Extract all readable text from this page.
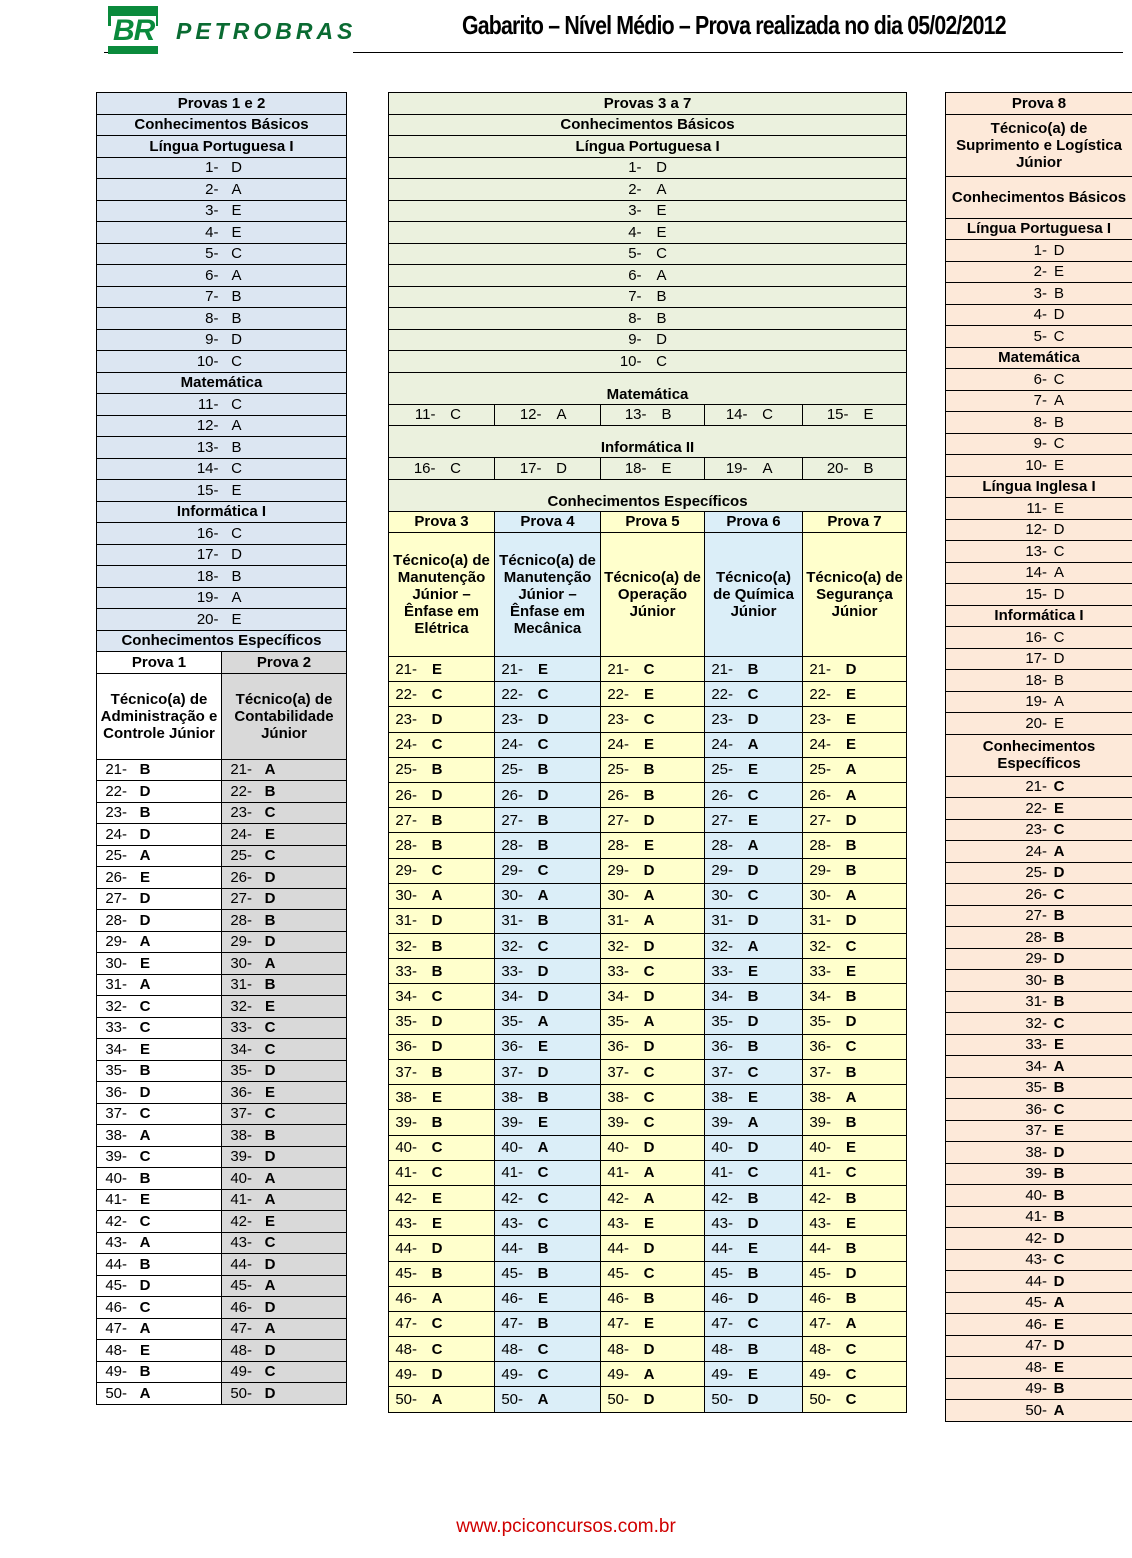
BR PETROBRAS	Gabarito – Nível Médio – Prova realizada no dia 05/02/2012
Provas 1 e 2	
Conhecimentos Básicos	
Língua Portuguesa I	
1- D	
2- A	
3- E	
4- E	
5- C	
6- A	
7- B	
8- B	
9- D	
10- C	
Matemática	
11- C	
12- A	
13- B	
14- C	
15- E	
Informática I	
16- C	
17- D	
18- B	
19- A	
20- E	
Conhecimentos Específicos	
Prova 1	Prova 2
Técnico(a) de Administração e Controle Júnior	Técnico(a) de Contabilidade Júnior
21- B	21- A
22- D	22- B
23- B	23- C
24- D	24- E
25- A	25- C
26- E	26- D
27- D	27- D
28- D	28- B
29- A	29- D
30- E	30- A
31- A	31- B
32- C	32- E
33- C	33- C
34- E	34- C
35- B	35- D
36- D	36- E
37- C	37- C
38- A	38- B
39- C	39- D
40- B	40- A
41- E	41- A
42- C	42- E
43- A	43- C
44- B	44- D
45- D	45- A
46- C	46- D
47- A	47- A
48- E	48- D
49- B	49- C
50- A	50- D
Provas 3 a 7				
Conhecimentos Básicos				
Língua Portuguesa I				
1- D				
2- A				
3- E				
4- E				
5- C				
6- A				
7- B				
8- B				
9- D				
10- C				
Matemática				
11- C	12- A	13- B	14- C	15- E
Informática II				
16- C	17- D	18- E	19- A	20- B
Conhecimentos Específicos				
Prova 3	Prova 4	Prova 5	Prova 6	Prova 7
Técnico(a) de Manutenção Júnior – Ênfase em Elétrica	Técnico(a) de Manutenção Júnior – Ênfase em Mecânica	Técnico(a) de Operação Júnior	Técnico(a) de Química Júnior	Técnico(a) de Segurança Júnior
21- E	21- E	21- C	21- B	21- D
22- C	22- C	22- E	22- C	22- E
23- D	23- D	23- C	23- D	23- E
24- C	24- C	24- E	24- A	24- E
25- B	25- B	25- B	25- E	25- A
26- D	26- D	26- B	26- C	26- A
27- B	27- B	27- D	27- E	27- D
28- B	28- B	28- E	28- A	28- B
29- C	29- C	29- D	29- D	29- B
30- A	30- A	30- A	30- C	30- A
31- D	31- B	31- A	31- D	31- D
32- B	32- C	32- D	32- A	32- C
33- B	33- D	33- C	33- E	33- E
34- C	34- D	34- D	34- B	34- B
35- D	35- A	35- A	35- D	35- D
36- D	36- E	36- D	36- B	36- C
37- B	37- D	37- C	37- C	37- B
38- E	38- B	38- C	38- E	38- A
39- B	39- E	39- C	39- A	39- B
40- C	40- A	40- D	40- D	40- E
41- C	41- C	41- A	41- C	41- C
42- E	42- C	42- A	42- B	42- B
43- E	43- C	43- E	43- D	43- E
44- D	44- B	44- D	44- E	44- B
45- B	45- B	45- C	45- B	45- D
46- A	46- E	46- B	46- D	46- B
47- C	47- B	47- E	47- C	47- A
48- C	48- C	48- D	48- B	48- C
49- D	49- C	49- A	49- E	49- C
50- A	50- A	50- D	50- D	50- C
Prova 8
Técnico(a) de Suprimento e Logística Júnior
Conhecimentos Básicos
Língua Portuguesa I
1- D
2- E
3- B
4- D
5- C
Matemática
6- C
7- A
8- B
9- C
10- E
Língua Inglesa I
11- E
12- D
13- C
14- A
15- D
Informática I
16- C
17- D
18- B
19- A
20- E
Conhecimentos Específicos
21- C
22- E
23- C
24- A
25- D
26- C
27- B
28- B
29- D
30- B
31- B
32- C
33- E
34- A
35- B
36- C
37- E
38- D
39- B
40- B
41- B
42- D
43- C
44- D
45- A
46- E
47- D
48- E
49- B
50- A
www.pciconcursos.com.br
